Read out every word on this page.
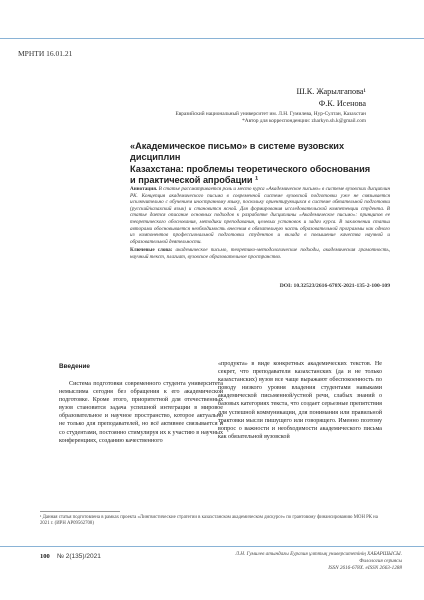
МРНТИ 16.01.21
Ш.К. Жарылгапова¹
Ф.К. Исенова
Евразийский национальный университет им. Л.Н. Гумилева, Нур-Султан, Казахстан
*Автор для корреспонденции: zharkyn.sh.k@gmail.com
«Академическое письмо» в системе вузовских дисциплин
Казахстана: проблемы теоретического обоснования
и практической апробации ¹
Аннотация. В статье рассматривается роль и место курса «Академическое письмо» в системе вузовских дисциплин РК. Концепция академического письма в современной системе вузовской подготовки уже не связывается исключительно с обучением иностранному языку, поскольку ориентирующихся в системе обязательной подготовки (русский/казахский язык) и становится ясной. Для формирования исследовательской компетенции студента. В статье дается описание основных подходов к разработке дисциплины «Академическое письмо»: принципов ее теоретического обоснования, методики преподавания, целевых установок и задач курса. В заключении статьи авторами обосновывается необходимость внесения в обязательную часть образовательной программы как одного из компонентов профессиональной подготовки студентов и вклада в повышение качества научной и образовательной деятельности.
Ключевые слова: академическое письмо, теоретико-методологические подходы, академическая грамотность, научный текст, плагиат, вузовское образовательное пространство.
DOI: 10.32523/2616-678X-2021-135-2-100-109
Введение
Система подготовки современного студента университета немыслима сегодня без обращения к его академической подготовке. Кроме этого, приоритетной для отечественных вузов становится задача успешной интеграции в мировое образовательное и научное пространство, которое актуально не только для преподавателей, но всё активнее связывается и со студентами, постоянно стимулируя их к участию в научных конференциях, созданию качественного
«продукта» в виде конкретных академических текстов. Не секрет, что преподаватели казахстанских (да и не только казахстанских) вузов все чаще выражают обеспокоенность по поводу низкого уровня владения студентами навыками академической письменной/устной речи, слабых знаний о базовых категориях текста, что создает серьезные препятствия для успешной коммуникации, для понимания или правильной трактовки мысли пишущего или говорящего. Именно поэтому вопрос о важности и необходимости академического письма как обязательной вузовской
¹ Данная статья подготовлена в рамках проекта «Лингвистические стратегии в казахстанском академическом дискурсе» по грантовому финансированию МОН РК на 2021 г. (ИРН АР09562708)
100 № 2(135)/2021	Л.Н. Гумилев атындағы Еуразия ұлттық университетінің ХАБАРШЫСЫ.
Филология сериясы
ISSN 2616-678X. eISSN 2663-1288
